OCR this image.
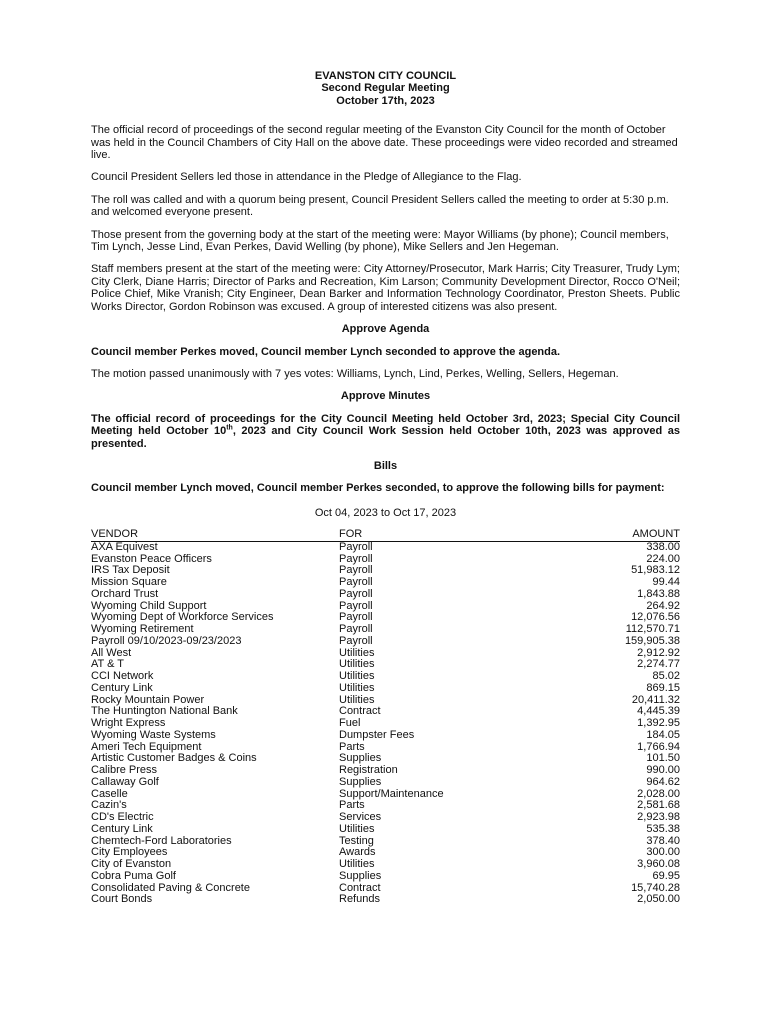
EVANSTON CITY COUNCIL
Second Regular Meeting
October 17th, 2023

The official record of proceedings of the second regular meeting of the Evanston City Council for the month of October was held in the Council Chambers of City Hall on the above date. These proceedings were video recorded and streamed live.

Council President Sellers led those in attendance in the Pledge of Allegiance to the Flag.

The roll was called and with a quorum being present, Council President Sellers called the meeting to order at 5:30 p.m. and welcomed everyone present.

Those present from the governing body at the start of the meeting were: Mayor Williams (by phone); Council members, Tim Lynch, Jesse Lind, Evan Perkes, David Welling (by phone), Mike Sellers and Jen Hegeman.

Staff members present at the start of the meeting were: City Attorney/Prosecutor, Mark Harris; City Treasurer, Trudy Lym; City Clerk, Diane Harris; Director of Parks and Recreation, Kim Larson; Community Development Director, Rocco O'Neil; Police Chief, Mike Vranish; City Engineer, Dean Barker and Information Technology Coordinator, Preston Sheets. Public Works Director, Gordon Robinson was excused. A group of interested citizens was also present.

Approve Agenda

Council member Perkes moved, Council member Lynch seconded to approve the agenda.

The motion passed unanimously with 7 yes votes: Williams, Lynch, Lind, Perkes, Welling, Sellers, Hegeman.

Approve Minutes

The official record of proceedings for the City Council Meeting held October 3rd, 2023; Special City Council Meeting held October 10th, 2023 and City Council Work Session held October 10th, 2023 was approved as presented.

Bills

Council member Lynch moved, Council member Perkes seconded, to approve the following bills for payment:

Oct 04, 2023 to Oct 17, 2023
VENDOR	FOR	AMOUNT
AXA Equivest	Payroll	338.00
Evanston Peace Officers	Payroll	224.00
IRS Tax Deposit	Payroll	51,983.12
Mission Square	Payroll	99.44
Orchard Trust	Payroll	1,843.88
Wyoming Child Support	Payroll	264.92
Wyoming Dept of Workforce Services	Payroll	12,076.56
Wyoming Retirement	Payroll	112,570.71
Payroll 09/10/2023-09/23/2023	Payroll	159,905.38
All West	Utilities	2,912.92
AT & T	Utilities	2,274.77
CCI Network	Utilities	85.02
Century Link	Utilities	869.15
Rocky Mountain Power	Utilities	20,411.32
The Huntington National Bank	Contract	4,445.39
Wright Express	Fuel	1,392.95
Wyoming Waste Systems	Dumpster Fees	184.05
Ameri Tech Equipment	Parts	1,766.94
Artistic Customer Badges & Coins	Supplies	101.50
Calibre Press	Registration	990.00
Callaway Golf	Supplies	964.62
Caselle	Support/Maintenance	2,028.00
Cazin's	Parts	2,581.68
CD's Electric	Services	2,923.98
Century Link	Utilities	535.38
Chemtech-Ford Laboratories	Testing	378.40
City Employees	Awards	300.00
City of Evanston	Utilities	3,960.08
Cobra Puma Golf	Supplies	69.95
Consolidated Paving & Concrete	Contract	15,740.28
Court Bonds	Refunds	2,050.00
